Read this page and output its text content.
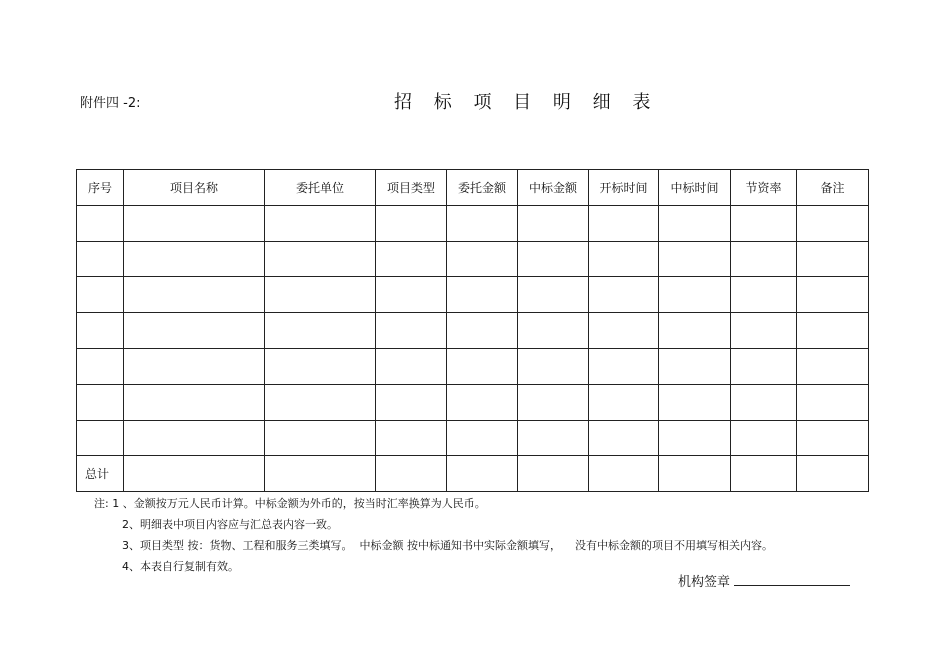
附件四 -2:	招 标 项 目 明 细 表
序号	项目名称	委托单位	项目类型	委托金额	中标金额	开标时间	中标时间	节资率	备注

总计									
注: 1 、金额按万元人民币计算。中标金额为外币的，按当时汇率换算为人民币。
2、明细表中项目内容应与汇总表内容一致。
3、项目类型 按：货物、工程和服务三类填写。  中标金额 按中标通知书中实际金额填写，    没有中标金额的项目不用填写相关内容。
4、本表自行复制有效。
机构签章
